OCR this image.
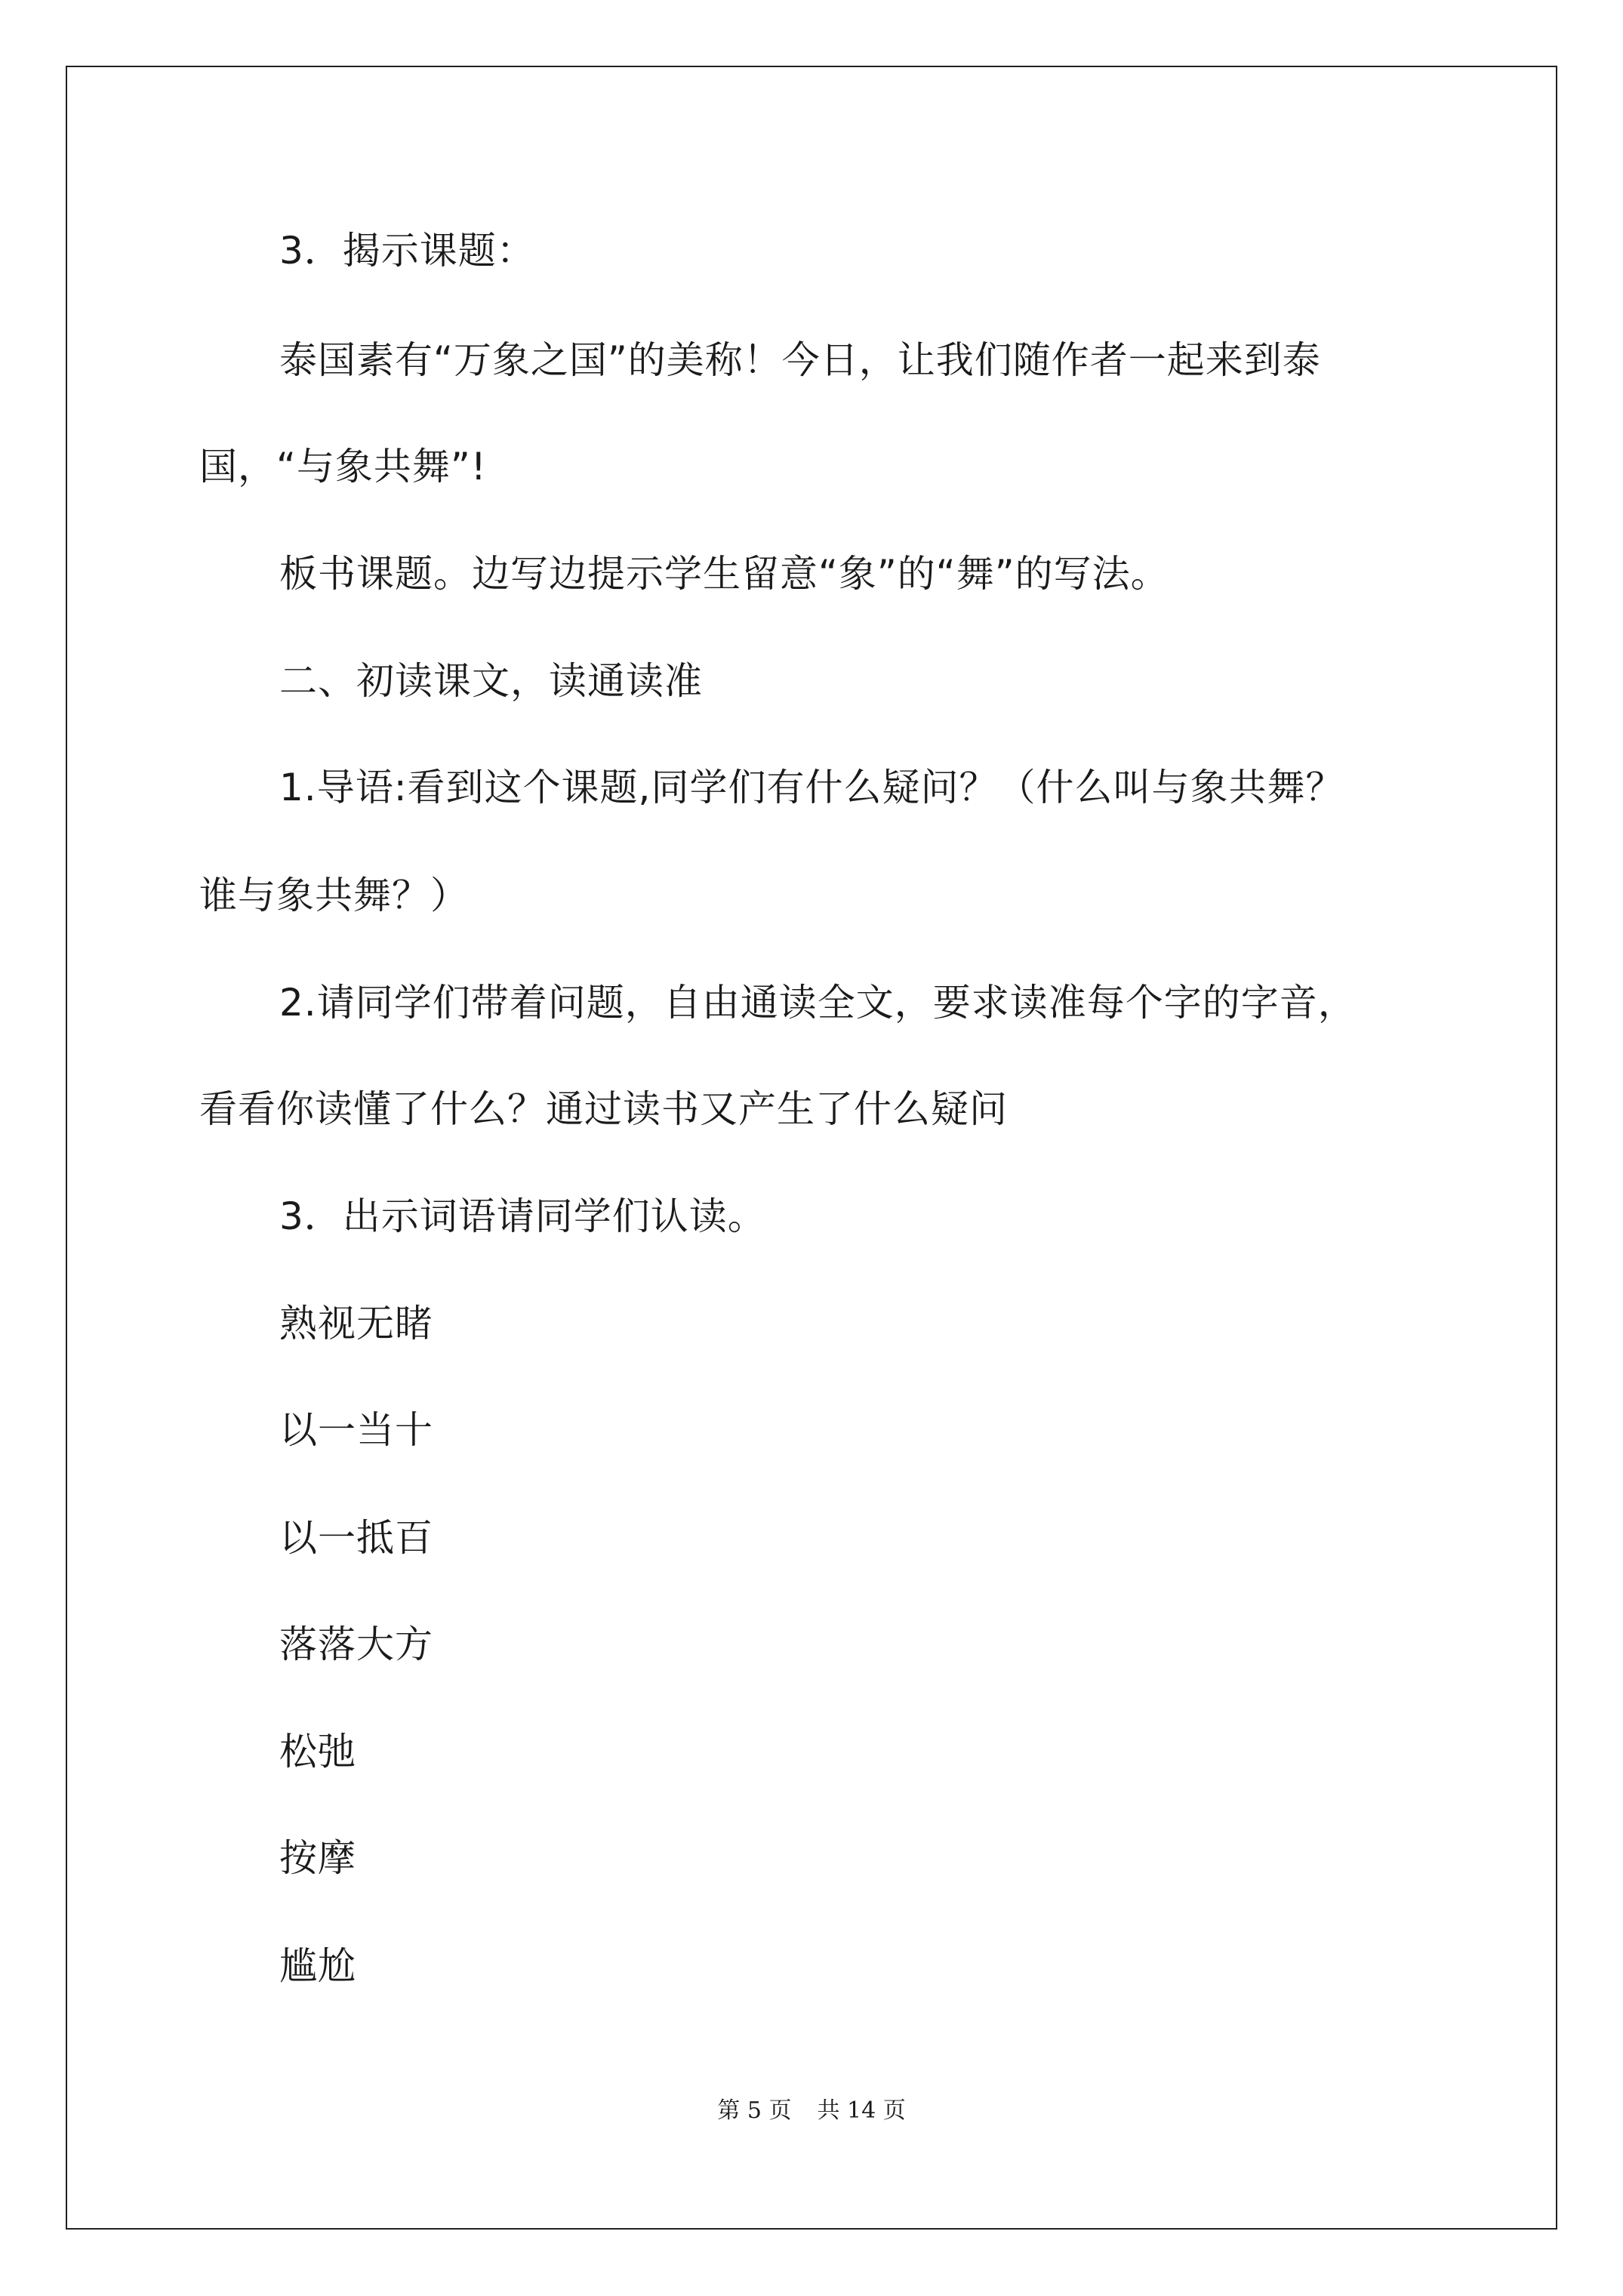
3．揭示课题：
泰国素有“万象之国”的美称！今日，让我们随作者一起来到泰
国，“与象共舞”!
板书课题。边写边提示学生留意“象”的“舞”的写法。
二、初读课文，读通读准
1.导语:看到这个课题,同学们有什么疑问？（什么叫与象共舞？
谁与象共舞？）
2.请同学们带着问题，自由通读全文，要求读准每个字的字音，
看看你读懂了什么？通过读书又产生了什么疑问
3．出示词语请同学们认读。
熟视无睹
以一当十
以一抵百
落落大方
松弛
按摩
尴尬
第 5 页 共 14 页
